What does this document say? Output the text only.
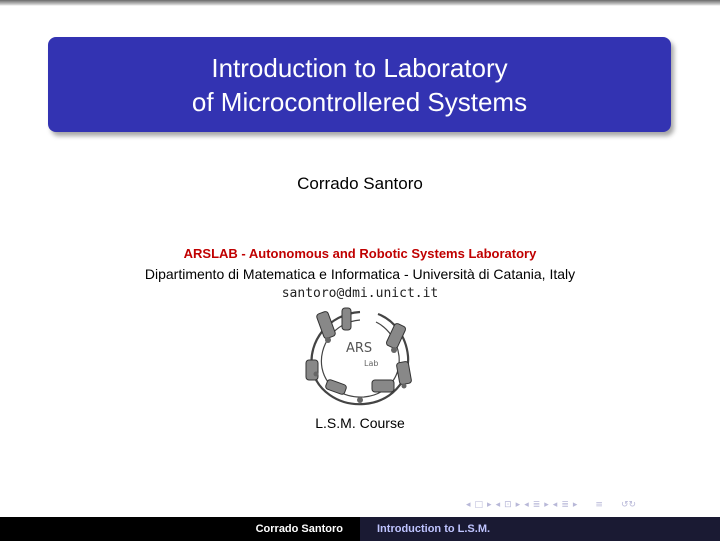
Introduction to Laboratory
of Microcontrollered Systems
Corrado Santoro
ARSLAB - Autonomous and Robotic Systems Laboratory
Dipartimento di Matematica e Informatica - Università di Catania, Italy
santoro@dmi.unict.it
ARS
Lab
L.S.M. Course
◂ □ ▸ ◂ ⊡ ▸ ◂ ≣ ▸ ◂ ≣ ▸ ≡ ↺↻
Corrado Santoro	Introduction to L.S.M.
